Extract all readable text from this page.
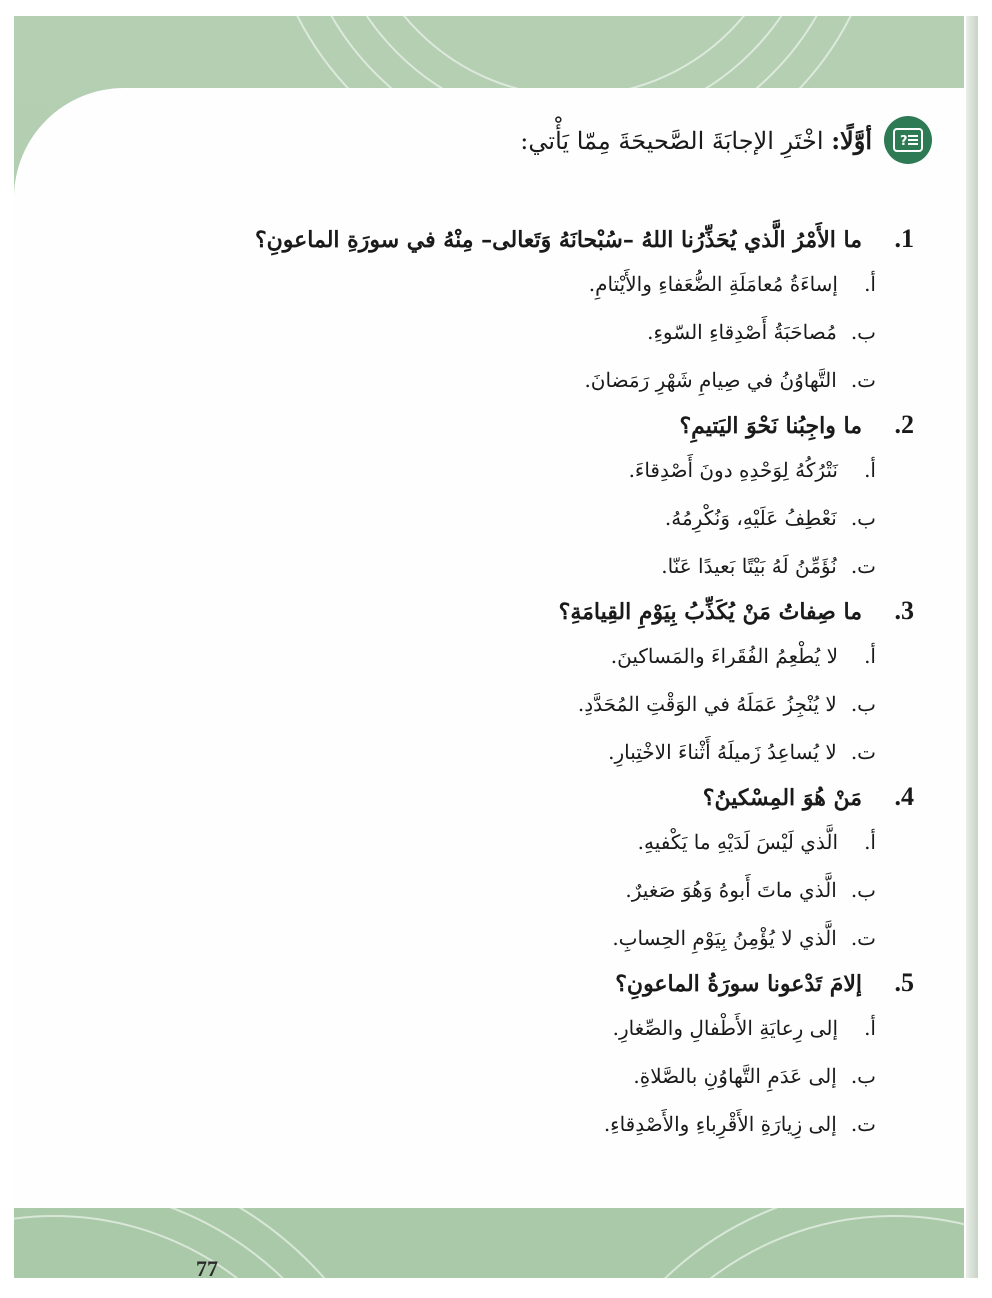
?
أوَّلًا: اخْتَرِ الإجابَةَ الصَّحيحَةَ مِمّا يَأْتي:
1.
ما الأَمْرُ الَّذي يُحَذِّرُنا اللهُ –سُبْحانَهُ وَتَعالى– مِنْهُ في سورَةِ الماعونِ؟
أ.
إساءَةُ مُعامَلَةِ الضُّعَفاءِ والأَيْتامِ.
ب.
مُصاحَبَةُ أَصْدِقاءِ السّوءِ.
ت.
التَّهاوُنُ في صِيامِ شَهْرِ رَمَضانَ.
2.
ما واجِبُنا نَحْوَ اليَتيمِ؟
أ.
نَتْرُكُهُ لِوَحْدِهِ دونَ أَصْدِقاءَ.
ب.
نَعْطِفُ عَلَيْهِ، وَنُكْرِمُهُ.
ت.
نُؤَمِّنُ لَهُ بَيْتًا بَعيدًا عَنّا.
3.
ما صِفاتُ مَنْ يُكَذِّبُ بِيَوْمِ القِيامَةِ؟
أ.
لا يُطْعِمُ الفُقَراءَ والمَساكينَ.
ب.
لا يُنْجِزُ عَمَلَهُ في الوَقْتِ المُحَدَّدِ.
ت.
لا يُساعِدُ زَميلَهُ أَثْناءَ الاخْتِبارِ.
4.
مَنْ هُوَ المِسْكينُ؟
أ.
الَّذي لَيْسَ لَدَيْهِ ما يَكْفيهِ.
ب.
الَّذي ماتَ أَبوهُ وَهُوَ صَغيرٌ.
ت.
الَّذي لا يُؤْمِنُ بِيَوْمِ الحِسابِ.
5.
إلامَ تَدْعونا سورَةُ الماعونِ؟
أ.
إلى رِعايَةِ الأَطْفالِ والصِّغارِ.
ب.
إلى عَدَمِ التَّهاوُنِ بالصَّلاةِ.
ت.
إلى زِيارَةِ الأَقْرِباءِ والأَصْدِقاءِ.
77
